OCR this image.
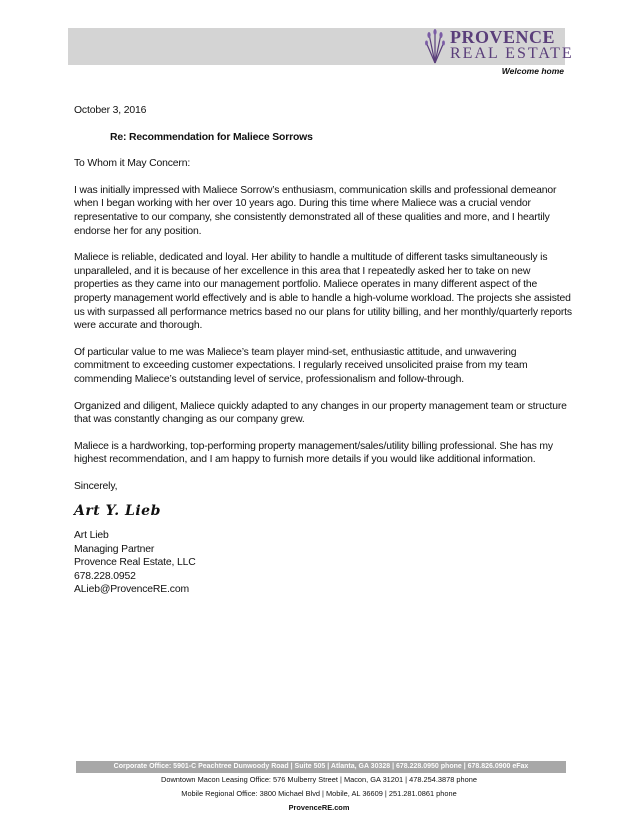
PROVENCE
REAL ESTATE
Welcome home

October 3, 2016

Re: Recommendation for Maliece Sorrows

To Whom it May Concern:

I was initially impressed with Maliece Sorrow’s enthusiasm, communication skills and professional demeanor when I began working with her over 10 years ago. During this time where Maliece was a crucial vendor representative to our company, she consistently demonstrated all of these qualities and more, and I heartily endorse her for any position.

Maliece is reliable, dedicated and loyal. Her ability to handle a multitude of different tasks simultaneously is unparalleled, and it is because of her excellence in this area that I repeatedly asked her to take on new properties as they came into our management portfolio. Maliece operates in many different aspect of the property management world effectively and is able to handle a high-volume workload. The projects she assisted us with surpassed all performance metrics based no our plans for utility billing, and her monthly/quarterly reports were accurate and thorough.

Of particular value to me was Maliece’s team player mind-set, enthusiastic attitude, and unwavering commitment to exceeding customer expectations. I regularly received unsolicited praise from my team commending Maliece’s outstanding level of service, professionalism and follow-through.

Organized and diligent, Maliece quickly adapted to any changes in our property management team or structure that was constantly changing as our company grew.

Maliece is a hardworking, top-performing property management/sales/utility billing professional. She has my highest recommendation, and I am happy to furnish more details if you would like additional information.

Sincerely,

Art Y. Lieb

Art Lieb

Managing Partner

Provence Real Estate, LLC

678.228.0952

ALieb@ProvenceRE.com

Corporate Office: 5901-C Peachtree Dunwoody Road | Suite 505 | Atlanta, GA 30328 | 678.228.0950 phone | 678.826.0900 eFax
Downtown Macon Leasing Office: 576 Mulberry Street | Macon, GA 31201 | 478.254.3878 phone
Mobile Regional Office: 3800 Michael Blvd | Mobile, AL 36609 | 251.281.0861 phone
ProvenceRE.com
